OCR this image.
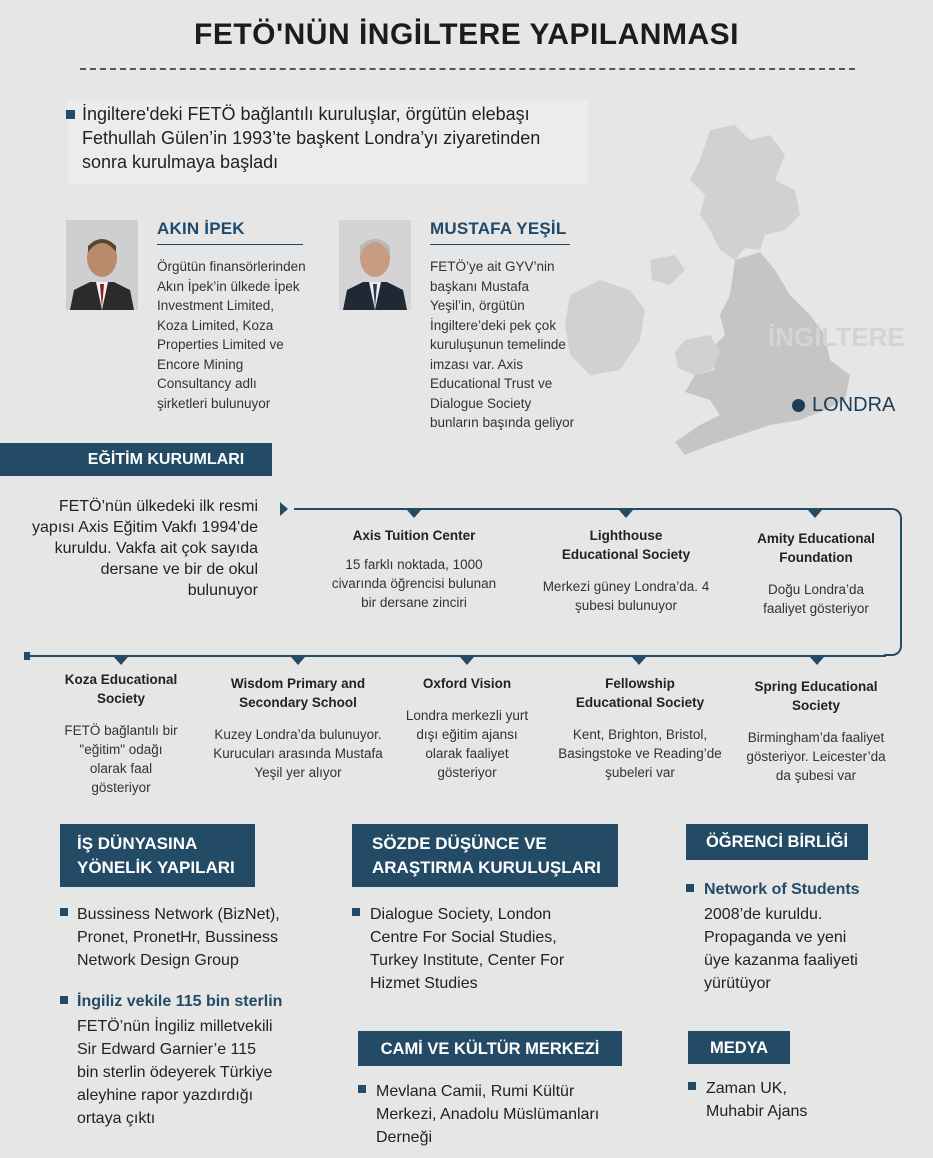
FETÖ'NÜN İNGİLTERE YAPILANMASI
İNGİLTERE
LONDRA
İngiltere'deki FETÖ bağlantılı kuruluşlar, örgütün elebaşı Fethullah Gülen’in 1993’te başkent Londra’yı ziyaretinden sonra kurulmaya başladı
AKIN İPEK
Örgütün finansörlerinden Akın İpek’in ülkede İpek Investment Limited, Koza Limited, Koza Properties Limited ve Encore Mining Consultancy adlı şirketleri bulunuyor
MUSTAFA YEŞİL
FETÖ’ye ait GYV’nin başkanı Mustafa Yeşil’in, örgütün İngiltere’deki pek çok kuruluşunun temelinde imzası var. Axis Educational Trust ve Dialogue Society bunların başında geliyor
EĞİTİM KURUMLARI
FETÖ’nün ülkedeki ilk resmi yapısı Axis Eğitim Vakfı 1994'de kuruldu. Vakfa ait çok sayıda dersane ve bir de okul bulunuyor
Axis Tuition Center
15 farklı noktada, 1000 civarında öğrencisi bulunan bir dersane zinciri
Lighthouse Educational Society
Merkezi güney Londra’da. 4 şubesi bulunuyor
Amity Educational Foundation
Doğu Londra’da faaliyet gösteriyor
Koza Educational Society
FETÖ bağlantılı bir "eğitim" odağı olarak faal gösteriyor
Wisdom Primary and Secondary School
Kuzey Londra’da bulunuyor. Kurucuları arasında Mustafa Yeşil yer alıyor
Oxford Vision
Londra merkezli yurt dışı eğitim ajansı olarak faaliyet gösteriyor
Fellowship Educational Society
Kent, Brighton, Bristol, Basingstoke ve Reading’de şubeleri var
Spring Educational Society
Birmingham’da faaliyet gösteriyor. Leicester’da da şubesi var
İŞ DÜNYASINA YÖNELİK YAPILARI
Bussiness Network (BizNet), Pronet, PronetHr, Bussiness Network Design Group
İngiliz vekile 115 bin sterlin
FETÖ’nün İngiliz milletvekili Sir Edward Garnier’e 115 bin sterlin ödeyerek Türkiye aleyhine rapor yazdırdığı ortaya çıktı
SÖZDE DÜŞÜNCE VE ARAŞTIRMA KURULUŞLARI
Dialogue Society, London Centre For Social Studies, Turkey Institute, Center For Hizmet Studies
CAMİ VE KÜLTÜR MERKEZİ
Mevlana Camii, Rumi Kültür Merkezi, Anadolu Müslümanları Derneği
ÖĞRENCİ BİRLİĞİ
Network of Students
2008’de kuruldu. Propaganda ve yeni üye kazanma faaliyeti yürütüyor
MEDYA
Zaman UK, Muhabir Ajans
